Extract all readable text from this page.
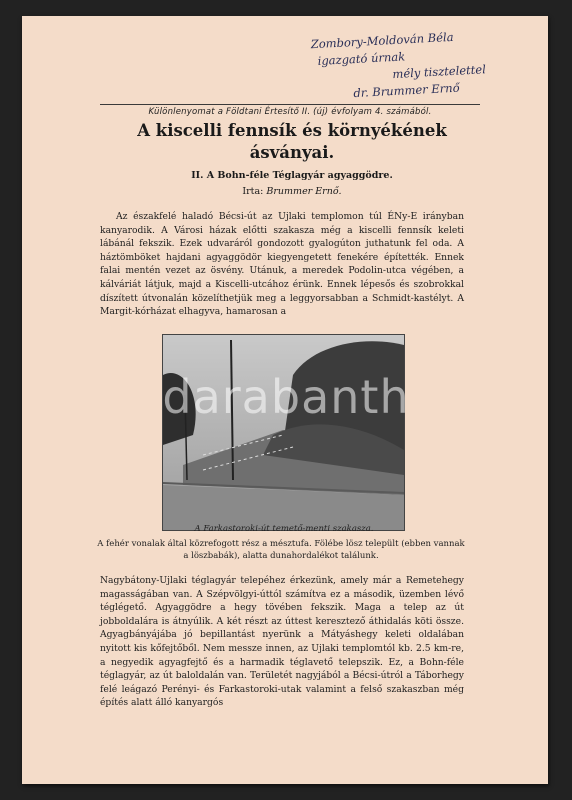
Zombory-Moldován Béla
igazgató úrnak
mély tisztelettel
dr. Brummer Ernő
Különlenyomat a Földtani Értesítő II. (új) évfolyam 4. számából.
A kiscelli fennsík és környékének
ásványai.
II. A Bohn-féle Téglagyár agyaggödre.
Irta: Brummer Ernő.
Az északfelé haladó Bécsi-út az Ujlaki templomon túl ÉNy-E irányban kanyarodik. A Városi házak előtti szakasza még a kiscelli fennsík keleti lábánál fekszik. Ezek udvaráról gondozott gyalogúton juthatunk fel oda. A háztömböket hajdani agyaggödör kiegyengetett fenekére építették. Ennek falai mentén vezet az ösvény. Utánuk, a meredek Podolin-utca végében, a kálváriát látjuk, majd a Kiscelli-utcához érünk. Ennek lépesős és szobrokkal díszített útvonalán közelíthetjük meg a leggyorsabban a Schmidt-kastélyt. A Margit-kórházat elhagyva, hamarosan a
darabanth
A Farkastoroki-út temető-menti szakasza.
A fehér vonalak által közrefogott rész a mésztufa. Fölébe lösz települt (ebben vannak a löszbabák), alatta dunahordalékot találunk.
Nagybátony-Ujlaki téglagyár telepéhez érkezünk, amely már a Remetehegy magasságában van. A Szépvölgyi-úttól számítva ez a második, üzemben lévő téglégető. Agyaggödre a hegy tövében fekszik. Maga a telep az út jobboldalára is átnyúlik. A két részt az úttest keresztező áthidalás köti össze. Agyagbányájába jó bepillantást nyerünk a Mátyáshegy keleti oldalában nyitott kis kőfejtőből. Nem messze innen, az Ujlaki templomtól kb. 2.5 km-re, a negyedik agyagfejtő és a harmadik téglavető telepszik. Ez, a Bohn-féle téglagyár, az út baloldalán van. Területét nagyjából a Bécsi-útról a Táborhegy felé leágazó Perényi- és Farkastoroki-utak valamint a felső szakaszban még építés alatt álló kanyargós
